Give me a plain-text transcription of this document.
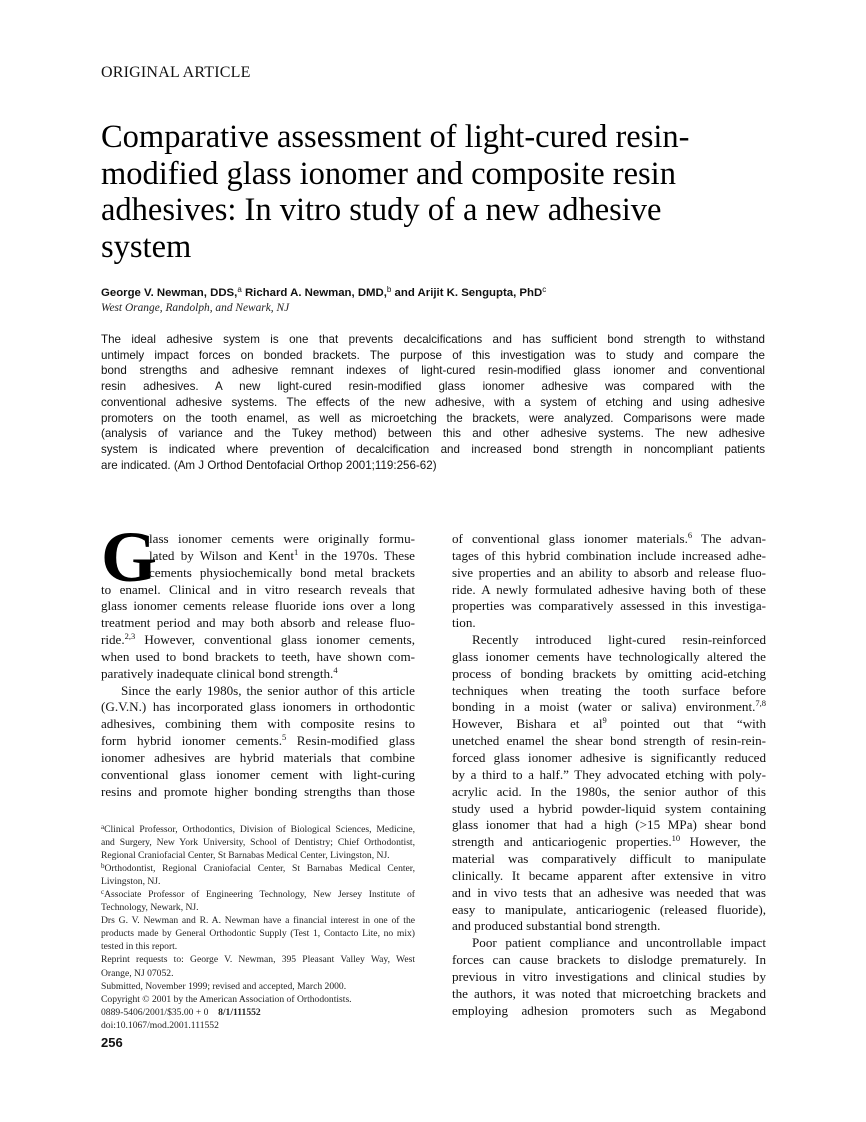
ORIGINAL ARTICLE
Comparative assessment of light-cured resin-
modified glass ionomer and composite resin
adhesives: In vitro study of a new adhesive
system
George V. Newman, DDS,$^a$ Richard A. Newman, DMD,$^b$ and Arijit K. Sengupta, PhD$^c$
West Orange, Randolph, and Newark, NJ
The ideal adhesive system is one that prevents decalcifications and has sufficient bond strength to withstand
untimely impact forces on bonded brackets. The purpose of this investigation was to study and compare the
bond strengths and adhesive remnant indexes of light-cured resin-modified glass ionomer and conventional
resin adhesives. A new light-cured resin-modified glass ionomer adhesive was compared with the
conventional adhesive systems. The effects of the new adhesive, with a system of etching and using adhesive
promoters on the tooth enamel, as well as microetching the brackets, were analyzed. Comparisons were made
(analysis of variance and the Tukey method) between this and other adhesive systems. The new adhesive
system is indicated where prevention of decalcification and increased bond strength in noncompliant patients
are indicated. (Am J Orthod Dentofacial Orthop 2001;119:256-62)
G
lass ionomer cements were originally formu-
lated by Wilson and Kent$^1$ in the 1970s. These
cements physiochemically bond metal brackets
to enamel. Clinical and in vitro research reveals that
glass ionomer cements release fluoride ions over a long
treatment period and may both absorb and release fluo-
ride.$^{2,3}$ However, conventional glass ionomer cements,
when used to bond brackets to teeth, have shown com-
paratively inadequate clinical bond strength.$^4$
Since the early 1980s, the senior author of this article
(G.V.N.) has incorporated glass ionomers in orthodontic
adhesives, combining them with composite resins to
form hybrid ionomer cements.$^5$ Resin-modified glass
ionomer adhesives are hybrid materials that combine
conventional glass ionomer cement with light-curing
resins and promote higher bonding strengths than those
of conventional glass ionomer materials.$^6$ The advan-
tages of this hybrid combination include increased adhe-
sive properties and an ability to absorb and release fluo-
ride. A newly formulated adhesive having both of these
properties was comparatively assessed in this investiga-
tion.
Recently introduced light-cured resin-reinforced
glass ionomer cements have technologically altered the
process of bonding brackets by omitting acid-etching
techniques when treating the tooth surface before
bonding in a moist (water or saliva) environment.$^{7,8}$
However, Bishara et $al^9$ pointed out that “with
unetched enamel the shear bond strength of resin-rein-
forced glass ionomer adhesive is significantly reduced
by a third to a half.” They advocated etching with poly-
acrylic acid. In the 1980s, the senior author of this
study used a hybrid powder-liquid system containing
glass ionomer that had a high (>15 MPa) shear bond
strength and anticariogenic properties.$^{10}$ However, the
material was comparatively difficult to manipulate
clinically. It became apparent after extensive in vitro
and in vivo tests that an adhesive was needed that was
easy to manipulate, anticariogenic (released fluoride),
and produced substantial bond strength.
Poor patient compliance and uncontrollable impact
forces can cause brackets to dislodge prematurely. In
previous in vitro investigations and clinical studies by
the authors, it was noted that microetching brackets and
employing adhesion promoters such as Megabond
$^a$Clinical Professor, Orthodontics, Division of Biological Sciences, Medicine,
and Surgery, New York University, School of Dentistry; Chief Orthodontist,
Regional Craniofacial Center, St Barnabas Medical Center, Livingston, NJ.
$^b$Orthodontist, Regional Craniofacial Center, St Barnabas Medical Center,
Livingston, NJ.
$^c$Associate Professor of Engineering Technology, New Jersey Institute of
Technology, Newark, NJ.
Drs G. V. Newman and R. A. Newman have a financial interest in one of the
products made by General Orthodontic Supply (Test 1, Contacto Lite, no mix)
tested in this report.
Reprint requests to: George V. Newman, 395 Pleasant Valley Way, West
Orange, NJ 07052.
Submitted, November 1999; revised and accepted, March 2000.
Copyright © 2001 by the American Association of Orthodontists.
0889-5406/2001/$35.00 + 0  8/1/111552
doi:10.1067/mod.2001.111552
256
